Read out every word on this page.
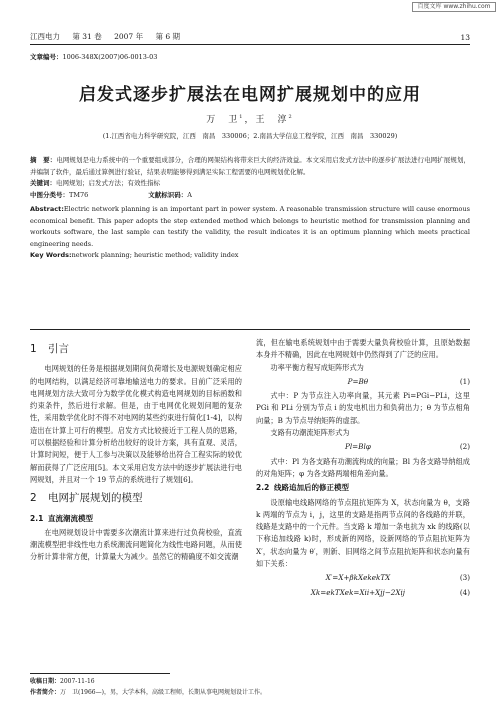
百度文库 www.zhihu.com
江西电力 第 31 卷 2007 年 第 6 期	13
文章编号：1006-348X(2007)06-0013-03
启发式逐步扩展法在电网扩展规划中的应用
万　卫$^1$，王　淳$^2$
(1.江西省电力科学研究院，江西　南昌　330006；2.南昌大学信息工程学院，江西　南昌　330029)
摘　要：电网规划是电力系统中的一个重要组成部分，合理的网架结构将带来巨大的经济效益。本文采用启发式方法中的逐步扩展法进行电网扩展规划，并编制了软件，最后通过算例进行验证，结果表明能够得到满足实际工程需要的电网规划优化解。
关键词：电网规划；启发式方法；有效性指标
中图分类号：TM76	文献标识码：A
Abstract:Electric network planning is an important part in power system. A reasonable transmission structure will cause enormous economical benefit. This paper adopts the step extended method which belongs to heuristic method for transmission planning and workouts software, the last sample can testify the validity, the result indicates it is an optimum planning which meets practical engineering needs.
Key Words:network planning; heuristic method; validity index
1 引言

电网规划的任务是根据规划期间负荷增长及电源规划确定相应的电网结构，以满足经济可靠地输送电力的要求。目前广泛采用的电网规划方法大致可分为数学优化模式构造电网规划的目标函数和约束条件，然后进行求解。但是，由于电网优化规划问题的复杂性，采用数学优化时不得不对电网的某些约束进行简化[1-4]，以构造出在计算上可行的模型。启发方式比较接近于工程人员的思路，可以根据经验和计算分析给出较好的设计方案，具有直观、灵活，计算时间短，便于人工参与决策以及能够给出符合工程实际的较优解而获得了广泛应用[5]。本文采用启发方法中的逐步扩展法进行电网规划，并且对一个 19 节点的系统进行了规划[6]。

2 电网扩展规划的模型
2.1 直流潮流模型

在电网规划设计中需要多次潮流计算来进行过负荷校验，直流潮流模型把非线性电力系统潮流问题简化为线性电路问题，从而使分析计算非常方便，计算量大为减少。虽然它的精确度不如交流潮

流，但在输电系统规划中由于需要大量负荷校验计算，且原始数据本身并不精确，因此在电网规划中仍然得到了广泛的应用。

功率平衡方程写成矩阵形式为

P=Bθ	(1)

式中：P 为节点注入功率向量，其元素 Pi=PGi−PLi，这里 PGi 和 PLi 分别为节点 i 的发电机出力和负荷出力；θ 为节点相角向量；B 为节点导纳矩阵的虚部。

支路有功潮流矩阵形式为

Pl=Blφ	(2)

式中：Pl 为各支路有功潮流构成的向量；Bl 为各支路导纳组成的对角矩阵；φ 为各支路两端相角差向量。

2.2 线路追加后的修正模型

设原输电线路网络的节点阻抗矩阵为 X，状态向量为 θ，支路 k 两端的节点为 i，j，这里的支路是指两节点间的各线路的并联，线路是支路中的一个元件。当支路 k 增加一条电抗为 xk 的线路(以下称追加线路 k)时，形成新的网络，设新网络的节点阻抗矩阵为 X′，状态向量为 θ′，则新、旧网络之间节点阻抗矩阵和状态向量有如下关系：

X′=X+βkXekekTX	(3)
Xk=ekTXek=Xii+Xjj−2Xij	(4)
收稿日期：2007-11-16
作者简介：万　卫(1966—)，男，大学本科，高级工程师，长期从事电网规划设计工作。
